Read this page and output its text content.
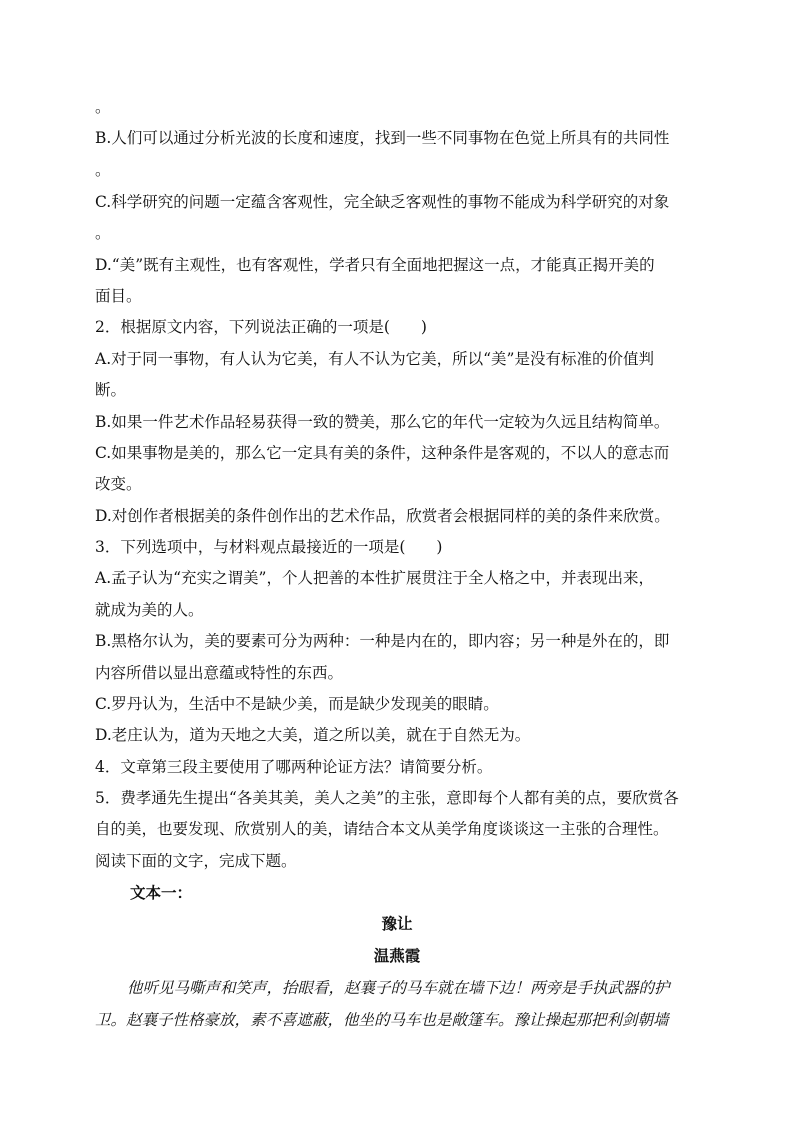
。
B.人们可以通过分析光波的长度和速度，找到一些不同事物在色觉上所具有的共同性
。
C.科学研究的问题一定蕴含客观性，完全缺乏客观性的事物不能成为科学研究的对象
。
D.“美”既有主观性，也有客观性，学者只有全面地把握这一点，才能真正揭开美的
面目。
2．根据原文内容，下列说法正确的一项是(　　)
A.对于同一事物，有人认为它美，有人不认为它美，所以“美”是没有标准的价值判
断。
B.如果一件艺术作品轻易获得一致的赞美，那么它的年代一定较为久远且结构简单。
C.如果事物是美的，那么它一定具有美的条件，这种条件是客观的，不以人的意志而
改变。
D.对创作者根据美的条件创作出的艺术作品，欣赏者会根据同样的美的条件来欣赏。
3．下列选项中，与材料观点最接近的一项是(　　)
A.孟子认为“充实之谓美”，个人把善的本性扩展贯注于全人格之中，并表现出来，
就成为美的人。
B.黑格尔认为，美的要素可分为两种：一种是内在的，即内容；另一种是外在的，即
内容所借以显出意蕴或特性的东西。
C.罗丹认为，生活中不是缺少美，而是缺少发现美的眼睛。
D.老庄认为，道为天地之大美，道之所以美，就在于自然无为。
4．文章第三段主要使用了哪两种论证方法？请简要分析。
5．费孝通先生提出“各美其美，美人之美”的主张，意即每个人都有美的点，要欣赏各
自的美，也要发现、欣赏别人的美，请结合本文从美学角度谈谈这一主张的合理性。
阅读下面的文字，完成下题。
文本一：
豫让
温燕霞
他听见马嘶声和笑声，抬眼看，赵襄子的马车就在墙下边！两旁是手执武器的护
卫。赵襄子性格豪放，素不喜遮蔽，他坐的马车也是敞篷车。豫让操起那把利剑朝墙
